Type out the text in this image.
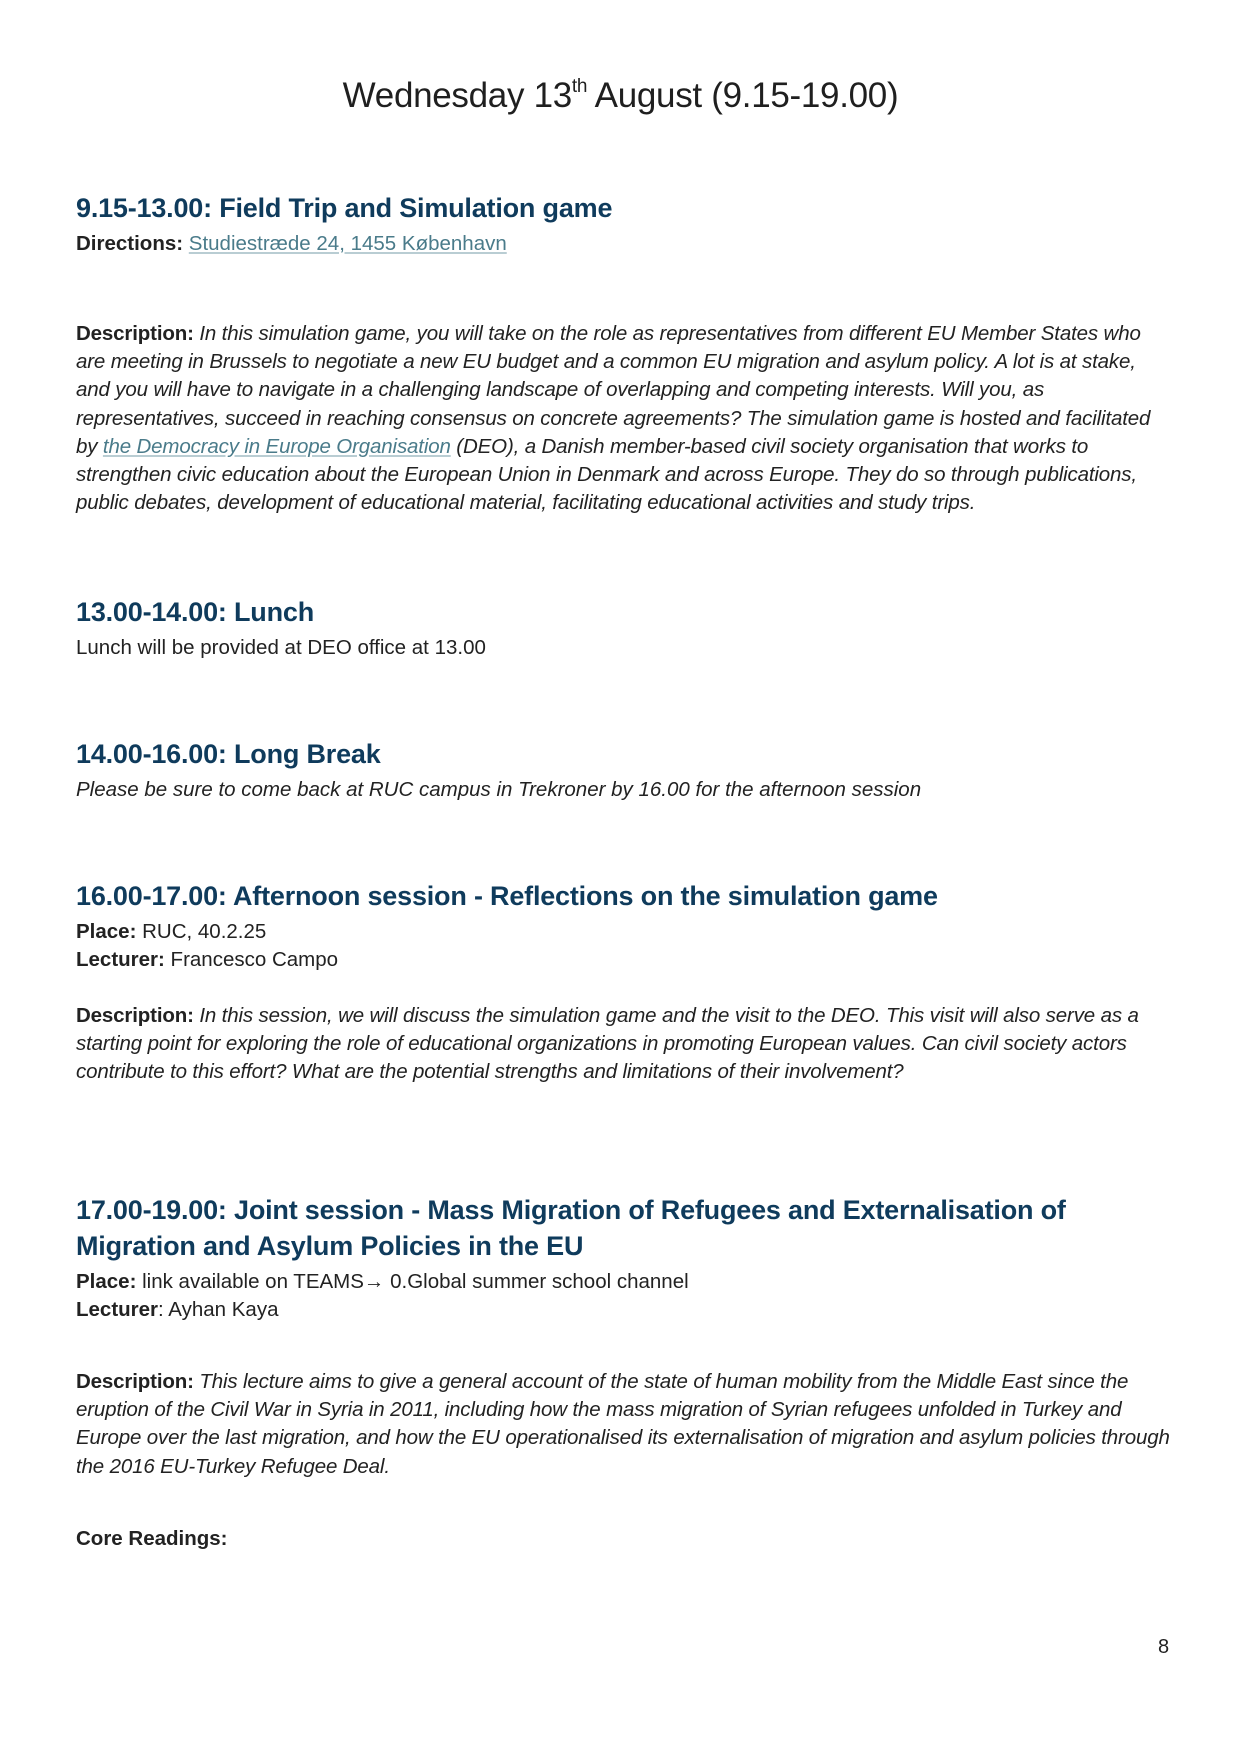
Wednesday 13th August (9.15-19.00)
9.15-13.00: Field Trip and Simulation game

Directions: Studiestræde 24, 1455 København

Description: In this simulation game, you will take on the role as representatives from different EU Member States who are meeting in Brussels to negotiate a new EU budget and a common EU migration and asylum policy. A lot is at stake, and you will have to navigate in a challenging landscape of overlapping and competing interests. Will you, as representatives, succeed in reaching consensus on concrete agreements? The simulation game is hosted and facilitated by the Democracy in Europe Organisation (DEO), a Danish member-based civil society organisation that works to strengthen civic education about the European Union in Denmark and across Europe. They do so through publications, public debates, development of educational material, facilitating educational activities and study trips.

13.00-14.00: Lunch

Lunch will be provided at DEO office at 13.00

14.00-16.00: Long Break

Please be sure to come back at RUC campus in Trekroner by 16.00 for the afternoon session

16.00-17.00: Afternoon session - Reflections on the simulation game

Place: RUC, 40.2.25

Lecturer: Francesco Campo

Description: In this session, we will discuss the simulation game and the visit to the DEO. This visit will also serve as a starting point for exploring the role of educational organizations in promoting European values. Can civil society actors contribute to this effort? What are the potential strengths and limitations of their involvement?

17.00-19.00: Joint session - Mass Migration of Refugees and Externalisation of Migration and Asylum Policies in the EU

Place: link available on TEAMS→ 0.Global summer school channel

Lecturer: Ayhan Kaya

Description: This lecture aims to give a general account of the state of human mobility from the Middle East since the eruption of the Civil War in Syria in 2011, including how the mass migration of Syrian refugees unfolded in Turkey and Europe over the last migration, and how the EU operationalised its externalisation of migration and asylum policies through the 2016 EU-Turkey Refugee Deal.

Core Readings:

8
